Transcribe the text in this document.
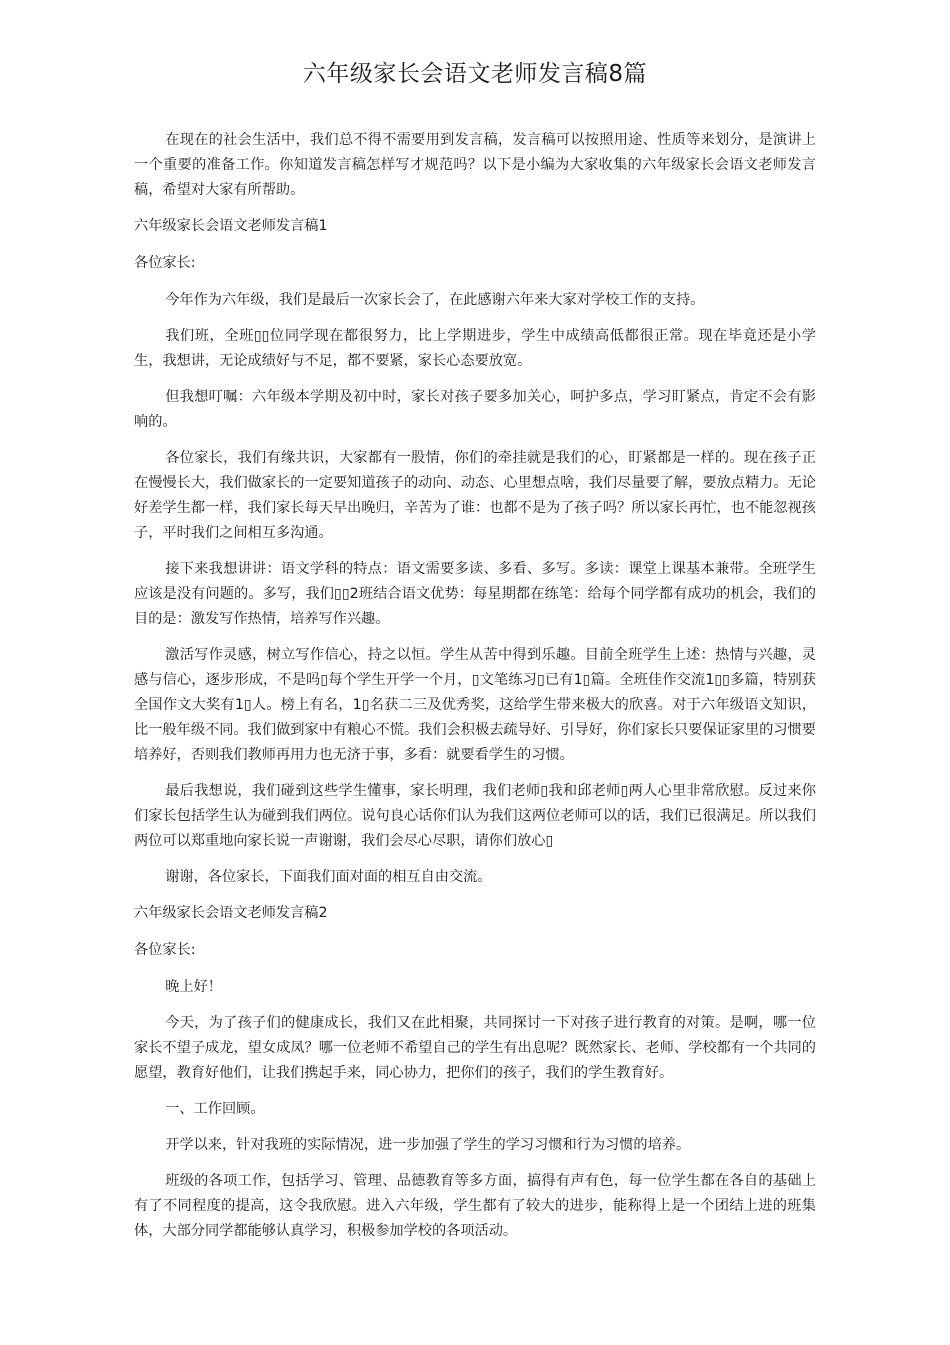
六年级家长会语文老师发言稿8篇

在现在的社会生活中，我们总不得不需要用到发言稿，发言稿可以按照用途、性质等来划分，是演讲上一个重要的准备工作。你知道发言稿怎样写才规范吗？以下是小编为大家收集的六年级家长会语文老师发言稿，希望对大家有所帮助。

六年级家长会语文老师发言稿1

各位家长:

今年作为六年级，我们是最后一次家长会了，在此感谢六年来大家对学校工作的支持。

我们班，全班▯▯位同学现在都很努力，比上学期进步，学生中成绩高低都很正常。现在毕竟还是小学生，我想讲，无论成绩好与不足，都不要紧，家长心态要放宽。

但我想叮嘱：六年级本学期及初中时，家长对孩子要多加关心，呵护多点，学习盯紧点，肯定不会有影响的。

各位家长，我们有缘共识，大家都有一股情，你们的牵挂就是我们的心，盯紧都是一样的。现在孩子正在慢慢长大，我们做家长的一定要知道孩子的动向、动态、心里想点啥，我们尽量要了解，要放点精力。无论好差学生都一样，我们家长每天早出晚归，辛苦为了谁：也都不是为了孩子吗？所以家长再忙，也不能忽视孩子，平时我们之间相互多沟通。

接下来我想讲讲：语文学科的特点：语文需要多读、多看、多写。多读：课堂上课基本兼带。全班学生应该是没有问题的。多写，我们▯▯2班结合语文优势：每星期都在练笔：给每个同学都有成功的机会，我们的目的是：激发写作热情，培养写作兴趣。

激活写作灵感，树立写作信心，持之以恒。学生从苦中得到乐趣。目前全班学生上述：热情与兴趣，灵感与信心，逐步形成，不是吗▯每个学生开学一个月，▯文笔练习▯已有1▯篇。全班佳作交流1▯▯多篇，特别获全国作文大奖有1▯人。榜上有名，1▯名获二三及优秀奖，这给学生带来极大的欣喜。对于六年级语文知识，比一般年级不同。我们做到家中有粮心不慌。我们会积极去疏导好、引导好，你们家长只要保证家里的习惯要培养好，否则我们教师再用力也无济于事，多看：就要看学生的习惯。

最后我想说，我们碰到这些学生懂事，家长明理，我们老师▯我和邱老师▯两人心里非常欣慰。反过来你们家长包括学生认为碰到我们两位。说句良心话你们认为我们这两位老师可以的话，我们已很满足。所以我们两位可以郑重地向家长说一声谢谢，我们会尽心尽职，请你们放心▯

谢谢，各位家长，下面我们面对面的相互自由交流。

六年级家长会语文老师发言稿2

各位家长:

晚上好！

今天，为了孩子们的健康成长，我们又在此相聚，共同探讨一下对孩子进行教育的对策。是啊，哪一位家长不望子成龙，望女成凤？哪一位老师不希望自己的学生有出息呢？既然家长、老师、学校都有一个共同的愿望，教育好他们，让我们携起手来，同心协力，把你们的孩子，我们的学生教育好。

一、工作回顾。

开学以来，针对我班的实际情况，进一步加强了学生的学习习惯和行为习惯的培养。

班级的各项工作，包括学习、管理、品德教育等多方面，搞得有声有色，每一位学生都在各自的基础上有了不同程度的提高，这令我欣慰。进入六年级，学生都有了较大的进步，能称得上是一个团结上进的班集体，大部分同学都能够认真学习，积极参加学校的各项活动。
